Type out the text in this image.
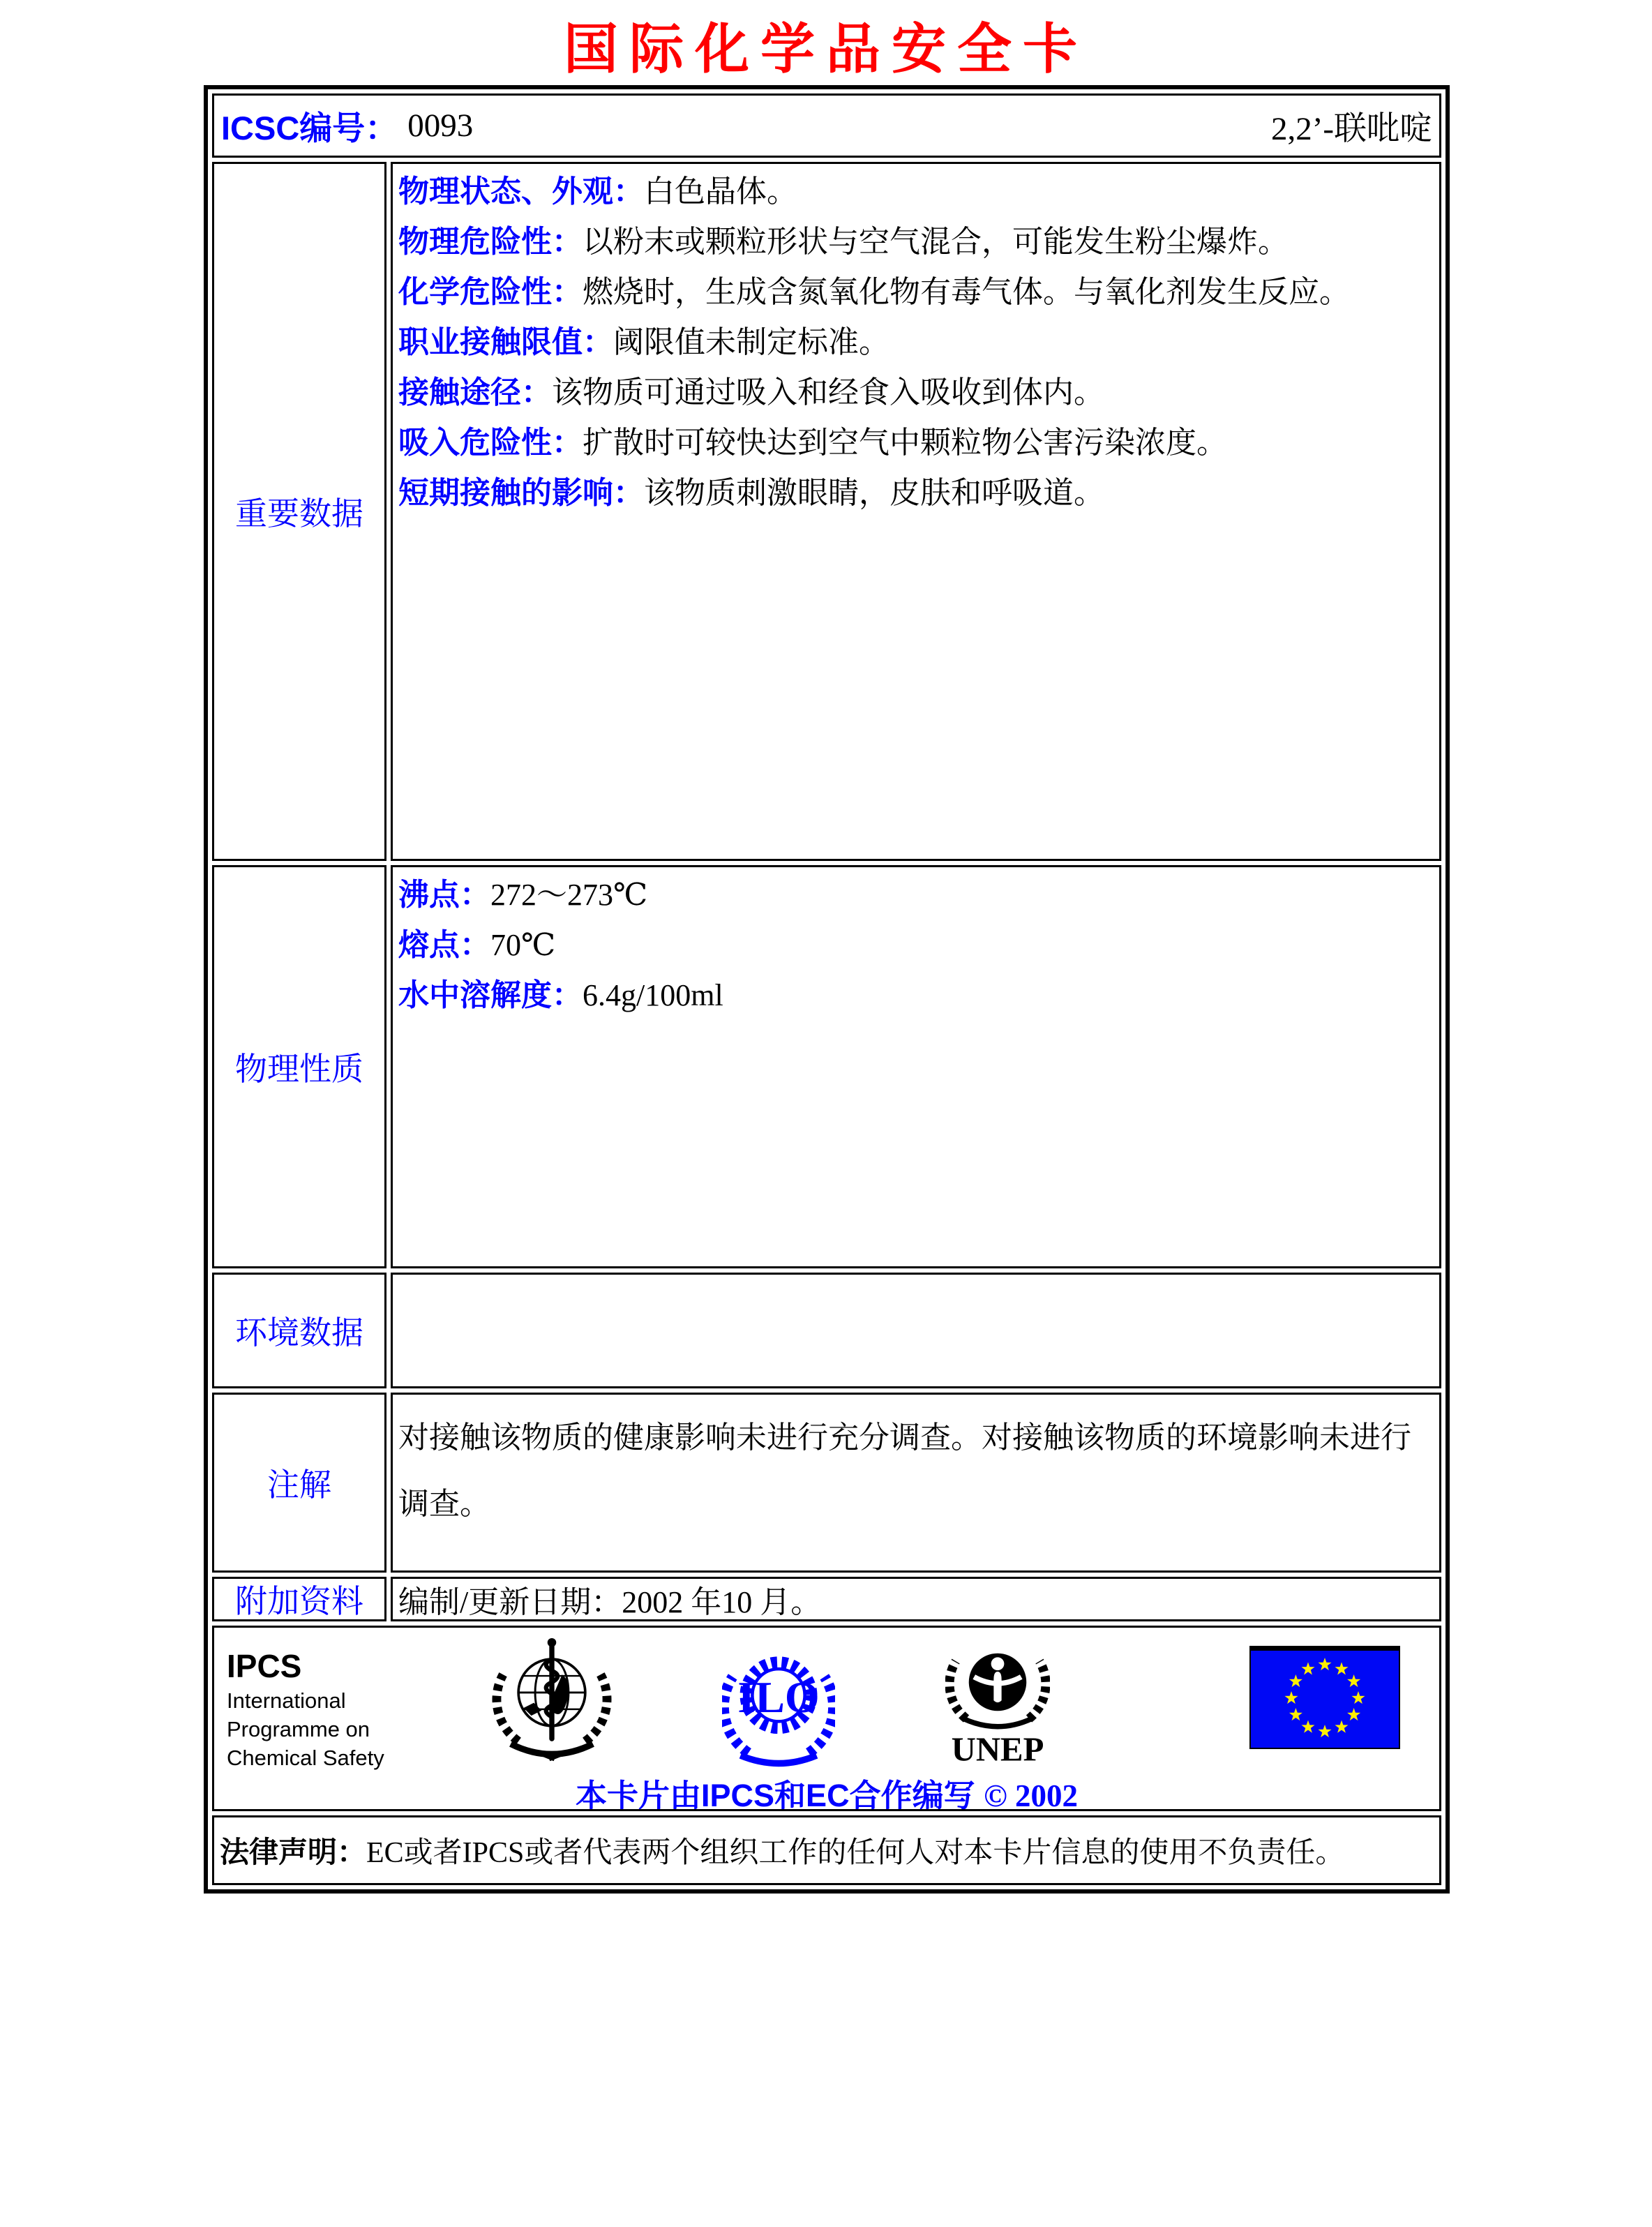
国际化学品安全卡
ICSC编号： 0093	2,2’-联吡啶
重要数据
物理状态、外观：白色晶体。
物理危险性：以粉末或颗粒形状与空气混合，可能发生粉尘爆炸。
化学危险性：燃烧时，生成含氮氧化物有毒气体。与氧化剂发生反应。
职业接触限值：阈限值未制定标准。
接触途径：该物质可通过吸入和经食入吸收到体内。
吸入危险性：扩散时可较快达到空气中颗粒物公害污染浓度。
短期接触的影响：该物质刺激眼睛，皮肤和呼吸道。
物理性质
沸点：272～273℃
熔点：70℃
水中溶解度：6.4g/100ml
环境数据
注解
对接触该物质的健康影响未进行充分调查。对接触该物质的环境影响未进行调查。
附加资料	编制/更新日期： 2002 年10 月。
IPCS
International
Programme on
Chemical Safety
ILO
UNEP
本卡片由IPCS和EC合作编写 © 2002
法律声明： EC或者IPCS或者代表两个组织工作的任何人对本卡片信息的使用不负责任。
